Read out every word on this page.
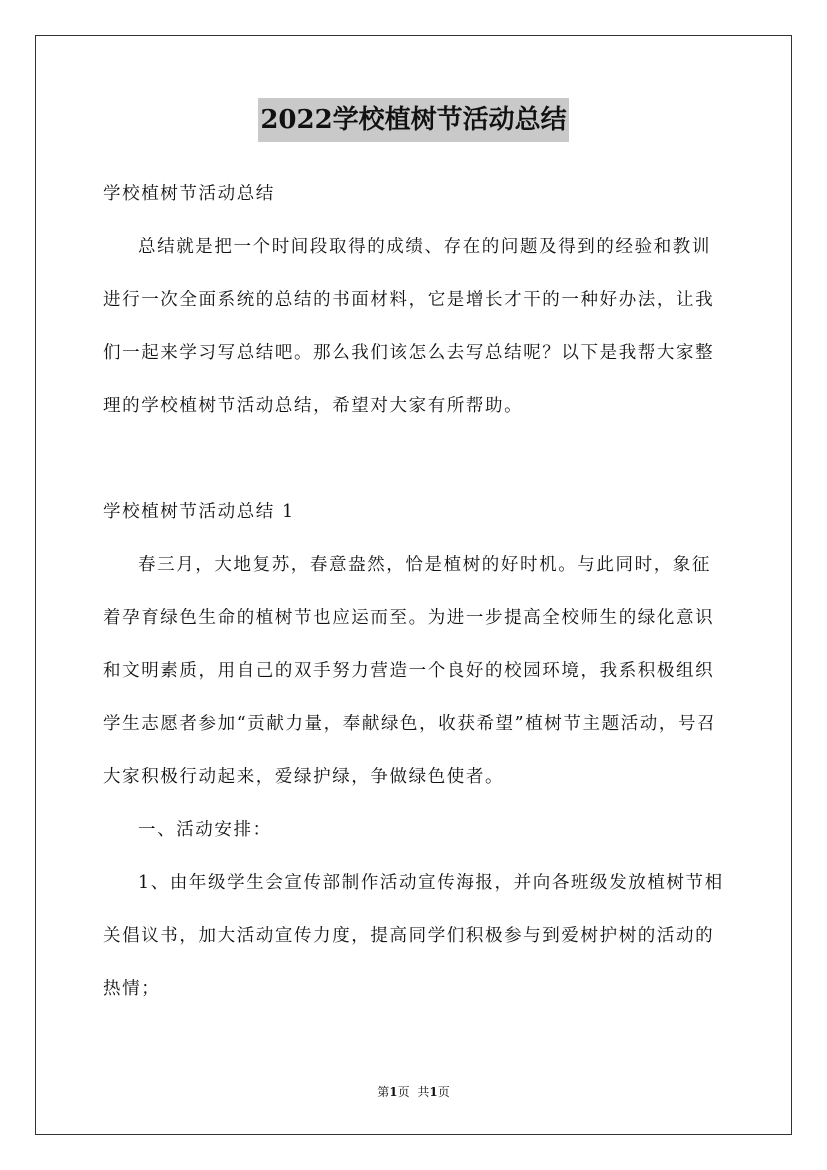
2022学校植树节活动总结

学校植树节活动总结

总结就是把一个时间段取得的成绩、存在的问题及得到的经验和教训进行一次全面系统的总结的书面材料，它是增长才干的一种好办法，让我们一起来学习写总结吧。那么我们该怎么去写总结呢？以下是我帮大家整理的学校植树节活动总结，希望对大家有所帮助。

学校植树节活动总结 1

春三月，大地复苏，春意盎然，恰是植树的好时机。与此同时，象征着孕育绿色生命的植树节也应运而至。为进一步提高全校师生的绿化意识和文明素质，用自己的双手努力营造一个良好的校园环境，我系积极组织学生志愿者参加“贡献力量，奉献绿色，收获希望”植树节主题活动，号召大家积极行动起来，爱绿护绿，争做绿色使者。

一、活动安排：

1、由年级学生会宣传部制作活动宣传海报，并向各班级发放植树节相关倡议书，加大活动宣传力度，提高同学们积极参与到爱树护树的活动的热情；

第1页 共1页
